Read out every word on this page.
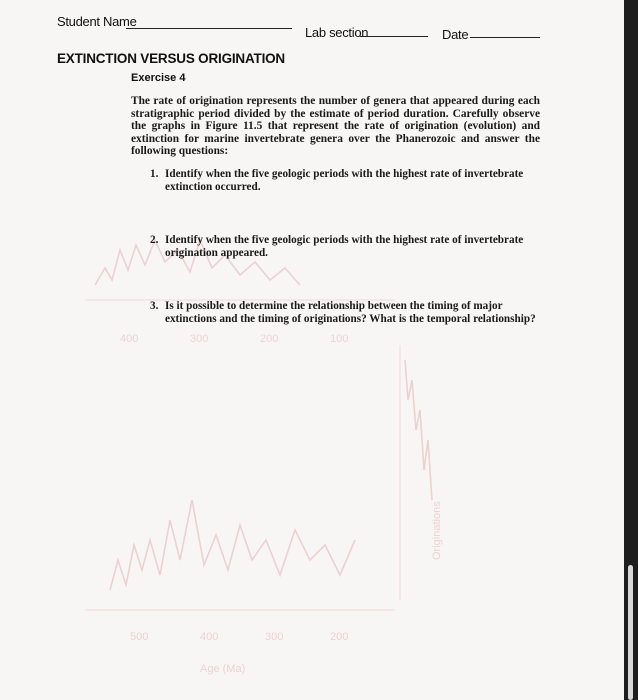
400	300	200	100
500	400	300	200
Age (Ma)
Originations
Student Name
Lab section	Date
EXTINCTION VERSUS ORIGINATION
Exercise 4
The rate of origination represents the number of genera that appeared during each stratigraphic period divided by the estimate of period duration. Carefully observe the graphs in Figure 11.5 that represent the rate of origination (evolution) and extinction for marine invertebrate genera over the Phanerozoic and answer the following questions:
1. Identify when the five geologic periods with the highest rate of invertebrate extinction occurred.
2. Identify when the five geologic periods with the highest rate of invertebrate origination appeared.
3. Is it possible to determine the relationship between the timing of major extinctions and the timing of originations? What is the temporal relationship?
